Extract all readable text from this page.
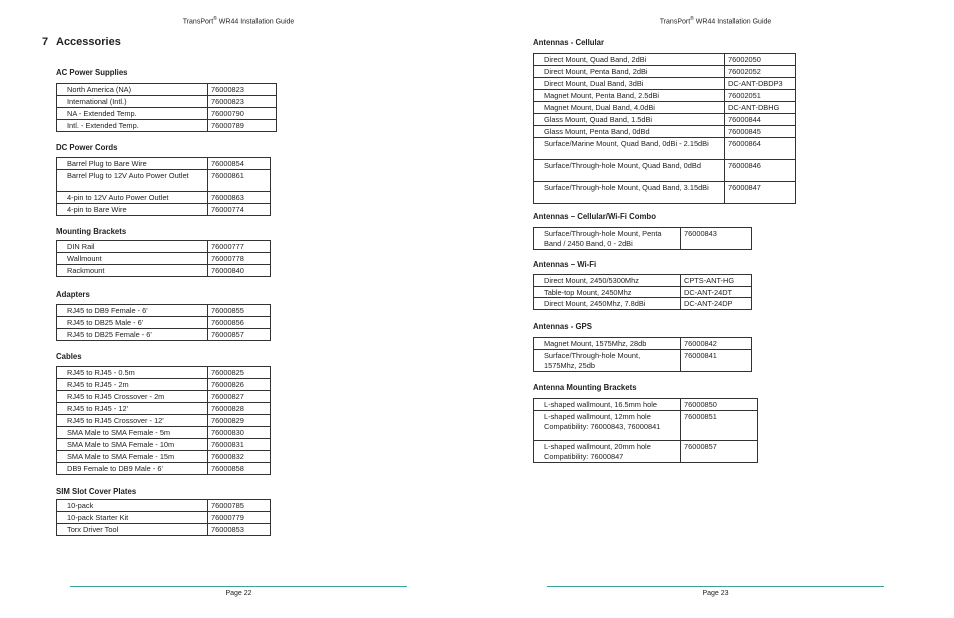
TransPort® WR44 Installation Guide
7 Accessories
AC Power Supplies
North America (NA)	76000823
International (Intl.)	76000823
NA - Extended Temp.	76000790
Intl. - Extended Temp.	76000789
DC Power Cords
Barrel Plug to Bare Wire	76000854
Barrel Plug to 12V Auto Power Outlet	76000861
4-pin to 12V Auto Power Outlet	76000863
4-pin to Bare Wire	76000774
Mounting Brackets
DIN Rail	76000777
Wallmount	76000778
Rackmount	76000840
Adapters
RJ45 to DB9 Female - 6'	76000855
RJ45 to DB25 Male - 6'	76000856
RJ45 to DB25 Female - 6'	76000857
Cables
RJ45 to RJ45 - 0.5m	76000825
RJ45 to RJ45 - 2m	76000826
RJ45 to RJ45 Crossover - 2m	76000827
RJ45 to RJ45 - 12'	76000828
RJ45 to RJ45 Crossover - 12'	76000829
SMA Male to SMA Female - 5m	76000830
SMA Male to SMA Female - 10m	76000831
SMA Male to SMA Female - 15m	76000832
DB9 Female to DB9 Male - 6'	76000858
SIM Slot Cover Plates
10-pack	76000785
10-pack Starter Kit	76000779
Torx Driver Tool	76000853
Page 22
TransPort® WR44 Installation Guide
Antennas - Cellular
Direct Mount, Quad Band, 2dBi	76002050
Direct Mount, Penta Band, 2dBi	76002052
Direct Mount, Dual Band, 3dBi	DC-ANT-DBDP3
Magnet Mount, Penta Band, 2.5dBi	76002051
Magnet Mount, Dual Band, 4.0dBi	DC-ANT-DBHG
Glass Mount, Quad Band, 1.5dBi	76000844
Glass Mount, Penta Band, 0dBd	76000845
Surface/Marine Mount, Quad Band, 0dBi - 2.15dBi	76000864
Surface/Through-hole Mount, Quad Band, 0dBd	76000846
Surface/Through-hole Mount, Quad Band, 3.15dBi	76000847
Antennas – Cellular/Wi-Fi Combo
Surface/Through-hole Mount, Penta Band / 2450 Band, 0 - 2dBi	76000843
Antennas – Wi-Fi
Direct Mount, 2450/5300Mhz	CPTS-ANT-HG
Table-top Mount, 2450Mhz	DC-ANT-24DT
Direct Mount, 2450Mhz, 7.8dBi	DC-ANT-24DP
Antennas - GPS
Magnet Mount, 1575Mhz, 28db	76000842
Surface/Through-hole Mount, 1575Mhz, 25db	76000841
Antenna Mounting Brackets
L-shaped wallmount, 16.5mm hole	76000850
L-shaped wallmount, 12mm hole Compatibility: 76000843, 76000841	76000851
L-shaped wallmount, 20mm hole Compatibility: 76000847	76000857
Page 23
